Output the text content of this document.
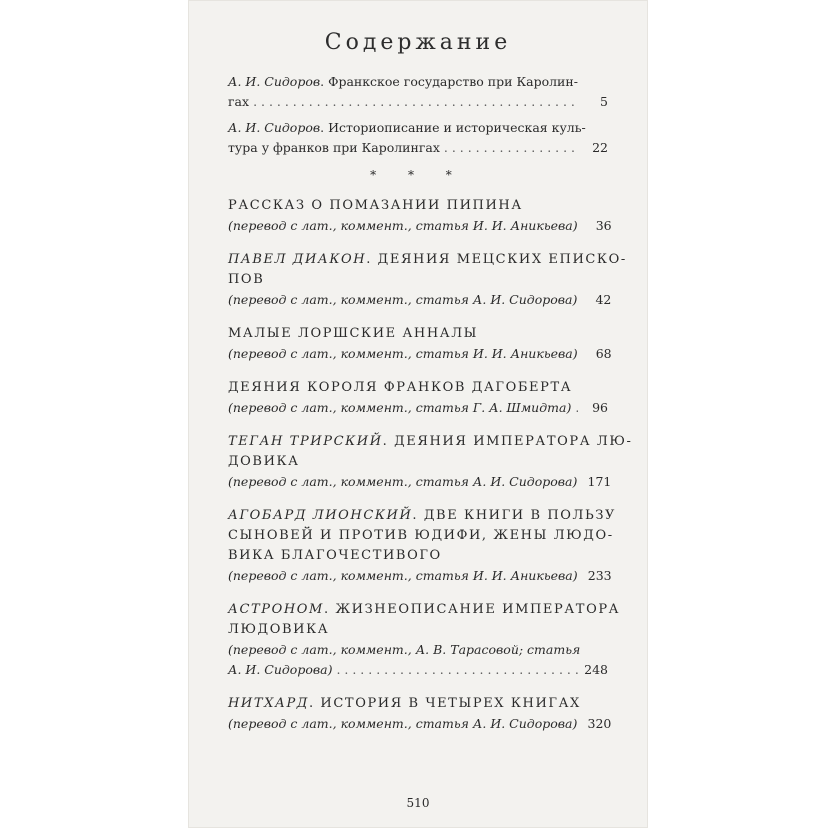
Содержание
А. И. Сидоров. Франкское государство при Каролин-
гах . . .	5
А. И. Сидоров. Историописание и историческая куль-
тура у франков при Каролингах . . .	22
* * *
РАССКАЗ О ПОМАЗАНИИ ПИПИНА
(перевод с лат., коммент., статья И. И. Аникьева)	36
ПАВЕЛ ДИАКОН. ДЕЯНИЯ МЕЦСКИХ ЕПИСКО-
ПОВ
(перевод с лат., коммент., статья А. И. Сидорова)	42
МАЛЫЕ ЛОРШСКИЕ АННАЛЫ
(перевод с лат., коммент., статья И. И. Аникьева)	68
ДЕЯНИЯ КОРОЛЯ ФРАНКОВ ДАГОБЕРТА
(перевод с лат., коммент., статья Г. А. Шмидта) . . .	96
ТЕГАН ТРИРСКИЙ. ДЕЯНИЯ ИМПЕРАТОРА ЛЮ-
ДОВИКА
(перевод с лат., коммент., статья А. И. Сидорова) 171
АГОБАРД ЛИОНСКИЙ. ДВЕ КНИГИ В ПОЛЬЗУ
СЫНОВЕЙ И ПРОТИВ ЮДИФИ, ЖЕНЫ ЛЮДО-
ВИКА БЛАГОЧЕСТИВОГО
(перевод с лат., коммент., статья И. И. Аникьева) 233
АСТРОНОМ. ЖИЗНЕОПИСАНИЕ ИМПЕРАТОРА
ЛЮДОВИКА
(перевод с лат., коммент., А. В. Тарасовой; статья
А. И. Сидорова) . . .	248
НИТХАРД. ИСТОРИЯ В ЧЕТЫРЕХ КНИГАХ
(перевод с лат., коммент., статья А. И. Сидорова) 320
510
